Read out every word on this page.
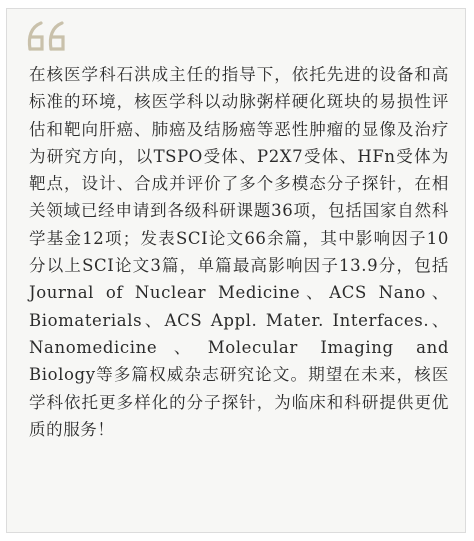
在核医学科石洪成主任的指导下，依托先进的设备和高标准的环境，核医学科以动脉粥样硬化斑块的易损性评估和靶向肝癌、肺癌及结肠癌等恶性肿瘤的显像及治疗为研究方向，以TSPO受体、P2X7受体、HFn受体为靶点，设计、合成并评价了多个多模态分子探针，在相关领域已经申请到各级科研课题36项，包括国家自然科学基金12项；发表SCI论文66余篇，其中影响因子10分以上SCI论文3篇，单篇最高影响因子13.9分，包括Journal of Nuclear Medicine、ACS Nano、Biomaterials、ACS Appl. Mater. Interfaces.、Nanomedicine、Molecular Imaging and Biology等多篇权威杂志研究论文。期望在未来，核医学科依托更多样化的分子探针，为临床和科研提供更优质的服务！
